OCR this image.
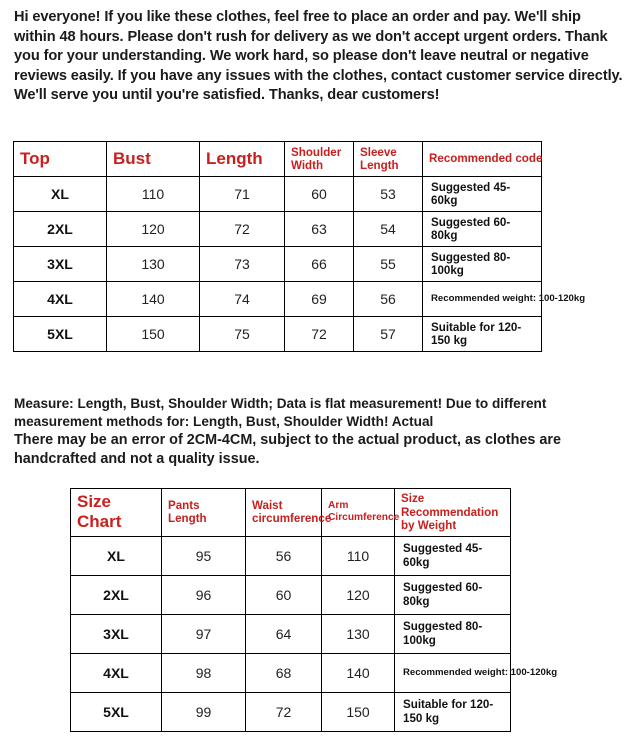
Hi everyone! If you like these clothes, feel free to place an order and pay. We'll ship within 48 hours. Please don't rush for delivery as we don't accept urgent orders. Thank you for your understanding. We work hard, so please don't leave neutral or negative reviews easily. If you have any issues with the clothes, contact customer service directly. We'll serve you until you're satisfied. Thanks, dear customers!
Top	Bust	Length	Shoulder Width	Sleeve Length	Recommended code

XL	110	71	60	53	Suggested 45-60kg

2XL	120	72	63	54	Suggested 60-80kg

3XL	130	73	66	55	Suggested 80-100kg

4XL	140	74	69	56	Recommended weight: 100-120kg

5XL	150	75	72	57	Suitable for 120-150 kg
Measure: Length, Bust, Shoulder Width; Data is flat measurement! Due to different measurement methods for: Length, Bust, Shoulder Width! Actual
There may be an error of 2CM-4CM, subject to the actual product, as clothes are handcrafted and not a quality issue.
Size Chart	Pants Length	Waist circumference	Arm Circumference	Size Recommendation by Weight

XL	95	56	110	Suggested 45-60kg

2XL	96	60	120	Suggested 60-80kg

3XL	97	64	130	Suggested 80-100kg

4XL	98	68	140	Recommended weight: 100-120kg

5XL	99	72	150	Suitable for 120-150 kg
